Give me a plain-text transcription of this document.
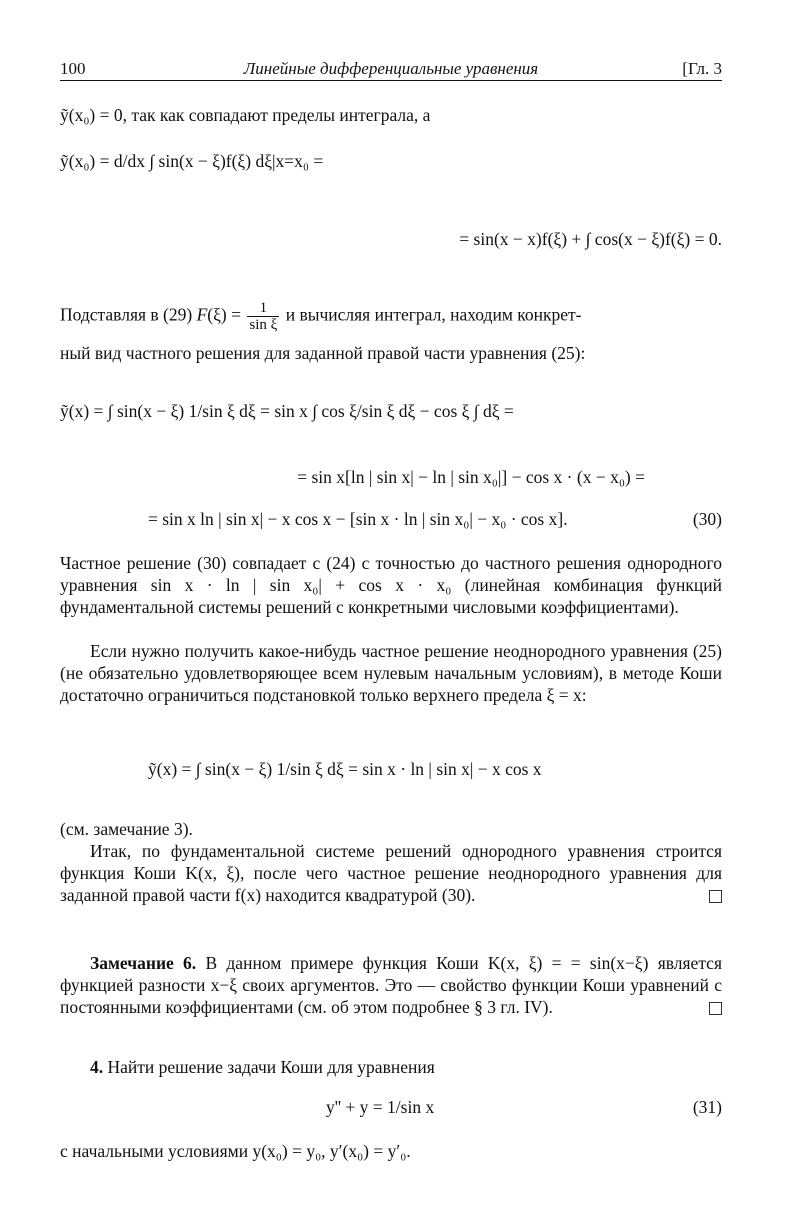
100	Линейные дифференциальные уравнения	[Гл. 3
ỹ(x₀) = 0, так как совпадают пределы интеграла, а
ỹ(x₀) = d/dx ∫ sin(x − ξ)f(ξ) dξ|x=x₀ =
= sin(x − x)f(ξ) + ∫ cos(x − ξ)f(ξ) = 0.
Подставляя в (29) $F(\xi) = \frac{1}{\text{sin ξ}}$ и вычисляя интеграл, находим конкрет-
ный вид частного решения для заданной правой части уравнения (25):
ỹ(x) = ∫ sin(x − ξ) 1/sin ξ dξ = sin x ∫ cos ξ/sin ξ dξ − cos ξ ∫ dξ =
= sin x[ln | sin x| − ln | sin x₀|] − cos x · (x − x₀) =
= sin x ln | sin x| − x cos x − [sin x · ln | sin x₀| − x₀ · cos x].	(30)
Частное решение (30) совпадает с (24) с точностью до частного решения однородного уравнения sin x · ln | sin x₀| + cos x · x₀ (линейная комбинация функций фундаментальной системы решений с конкретными числовыми коэффициентами).
Если нужно получить какое-нибудь частное решение неоднородного уравнения (25) (не обязательно удовлетворяющее всем нулевым начальным условиям), в методе Коши достаточно ограничиться подстановкой только верхнего предела ξ = x:
ỹ(x) = ∫ sin(x − ξ) 1/sin ξ dξ = sin x · ln | sin x| − x cos x
(см. замечание 3).
Итак, по фундаментальной системе решений однородного уравнения строится функция Коши K(x, ξ), после чего частное решение неоднородного уравнения для заданной правой части f(x) находится квадратурой (30).
Замечание 6. В данном примере функция Коши K(x, ξ) = = sin(x−ξ) является функцией разности x−ξ своих аргументов. Это — свойство функции Коши уравнений с постоянными коэффициентами (см. об этом подробнее § 3 гл. IV).
4. Найти решение задачи Коши для уравнения
y'' + y = 1/sin x	(31)
с начальными условиями y(x₀) = y₀, y′(x₀) = y′₀.
